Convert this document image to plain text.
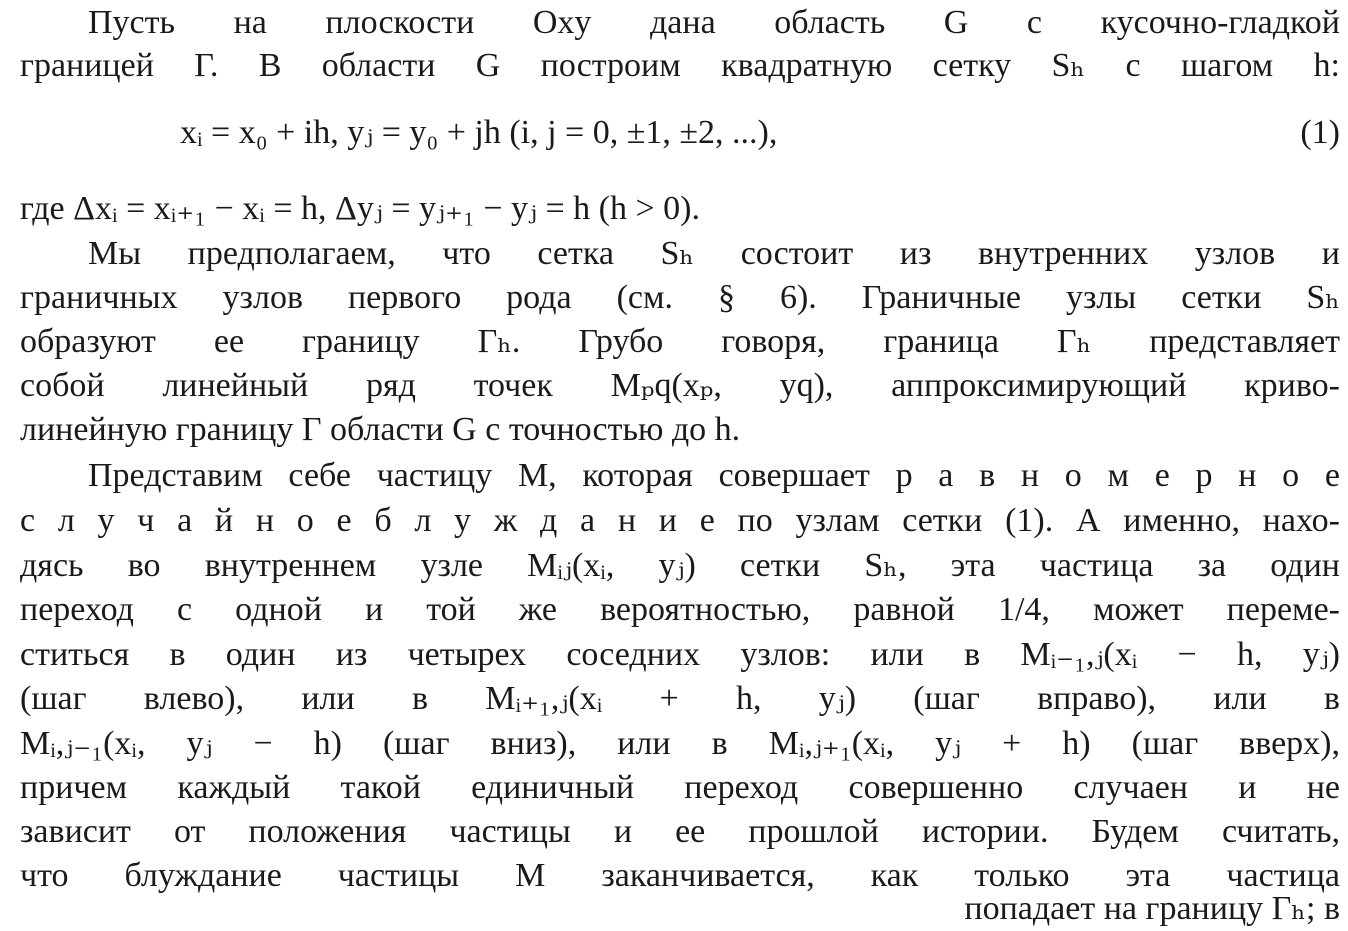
Пусть на плоскости Oxy дана область G с кусочно-гладкой
границей Γ. В области G построим квадратную сетку Sₕ с шагом h:
xᵢ = x₀ + ih, yⱼ = y₀ + jh (i, j = 0, ±1, ±2, ...),	(1)
где Δxᵢ = xᵢ₊₁ − xᵢ = h, Δyⱼ = yⱼ₊₁ − yⱼ = h (h > 0).
Мы предполагаем, что сетка Sₕ состоит из внутренних узлов и
граничных узлов первого рода (см. § 6). Граничные узлы сетки Sₕ
образуют ее границу Γₕ. Грубо говоря, граница Γₕ представляет
собой линейный ряд точек Mₚq(xₚ, yq), аппроксимирующий криво-
линейную границу Γ области G с точностью до h.
Представим себе частицу M, которая совершает р а в н о м е р н о е
с л у ч а й н о е б л у ж д а н и е по узлам сетки (1). А именно, нахо-
дясь во внутреннем узле Mᵢⱼ(xᵢ, yⱼ) сетки Sₕ, эта частица за один
переход с одной и той же вероятностью, равной 1/4, может переме-
ститься в один из четырех соседних узлов: или в Mᵢ₋₁,ⱼ(xᵢ − h, yⱼ)
(шаг влево), или в Mᵢ₊₁,ⱼ(xᵢ + h, yⱼ) (шаг вправо), или в
Mᵢ,ⱼ₋₁(xᵢ, yⱼ − h) (шаг вниз), или в Mᵢ,ⱼ₊₁(xᵢ, yⱼ + h) (шаг вверх),
причем каждый такой единичный переход совершенно случаен и не
зависит от положения частицы и ее прошлой истории. Будем считать,
что блуждание частицы M заканчивается, как только эта частица
попадает на границу Γₕ; в
